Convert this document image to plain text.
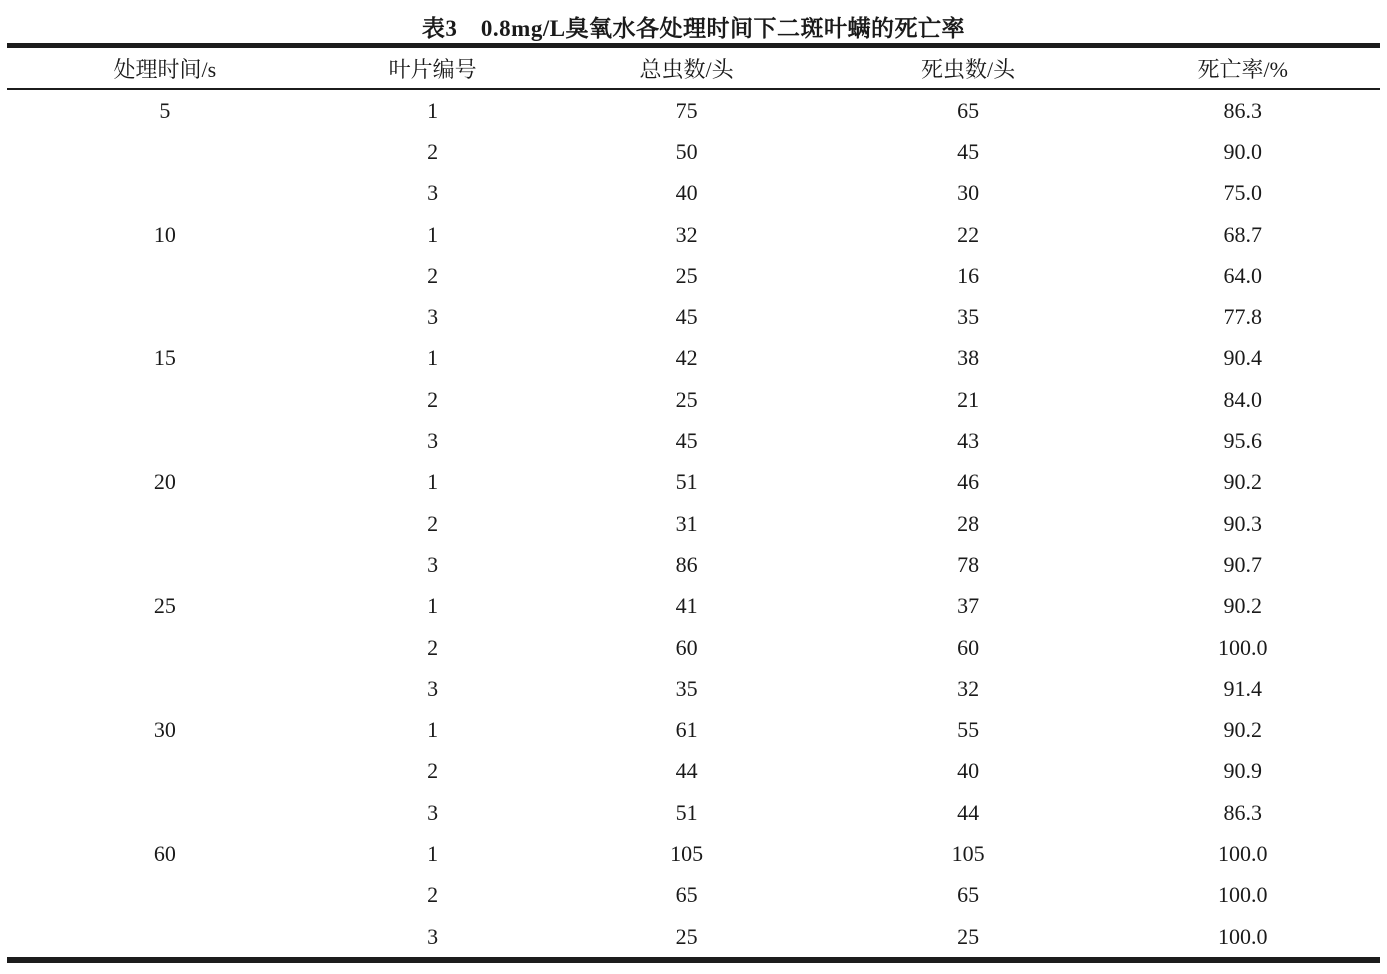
表3　0.8mg/L臭氧水各处理时间下二斑叶螨的死亡率
处理时间/s	叶片编号	总虫数/头	死虫数/头	死亡率/%
5	1	75	65	86.3
	2	50	45	90.0
	3	40	30	75.0
10	1	32	22	68.7
	2	25	16	64.0
	3	45	35	77.8
15	1	42	38	90.4
	2	25	21	84.0
	3	45	43	95.6
20	1	51	46	90.2
	2	31	28	90.3
	3	86	78	90.7
25	1	41	37	90.2
	2	60	60	100.0
	3	35	32	91.4
30	1	61	55	90.2
	2	44	40	90.9
	3	51	44	86.3
60	1	105	105	100.0
	2	65	65	100.0
	3	25	25	100.0
